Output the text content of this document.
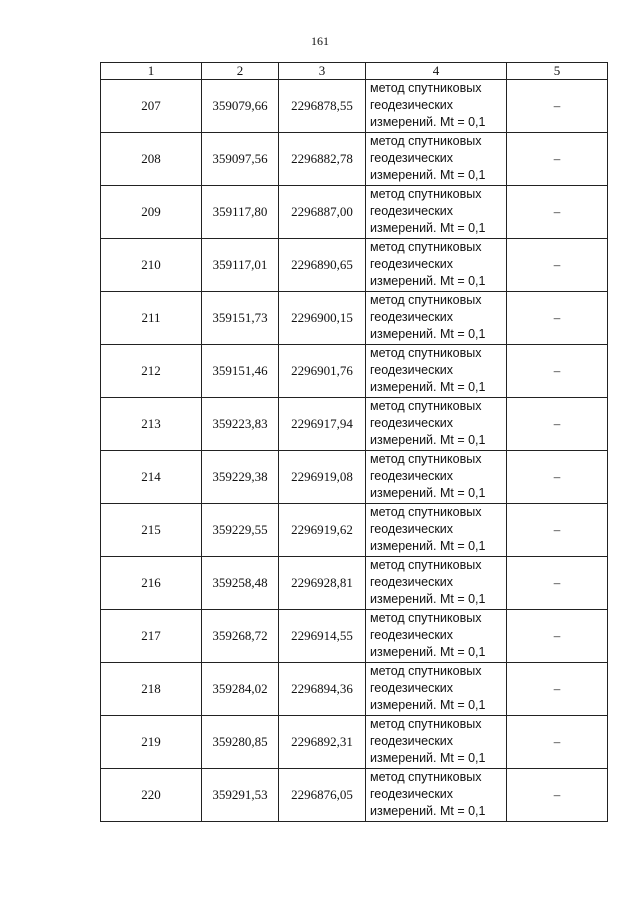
161
1	2	3	4	5
207	359079,66	2296878,55	метод спутниковых
геодезических
измерений. Mt = 0,1	–
208	359097,56	2296882,78	метод спутниковых
геодезических
измерений. Mt = 0,1	–
209	359117,80	2296887,00	метод спутниковых
геодезических
измерений. Mt = 0,1	–
210	359117,01	2296890,65	метод спутниковых
геодезических
измерений. Mt = 0,1	–
211	359151,73	2296900,15	метод спутниковых
геодезических
измерений. Mt = 0,1	–
212	359151,46	2296901,76	метод спутниковых
геодезических
измерений. Mt = 0,1	–
213	359223,83	2296917,94	метод спутниковых
геодезических
измерений. Mt = 0,1	–
214	359229,38	2296919,08	метод спутниковых
геодезических
измерений. Mt = 0,1	–
215	359229,55	2296919,62	метод спутниковых
геодезических
измерений. Mt = 0,1	–
216	359258,48	2296928,81	метод спутниковых
геодезических
измерений. Mt = 0,1	–
217	359268,72	2296914,55	метод спутниковых
геодезических
измерений. Mt = 0,1	–
218	359284,02	2296894,36	метод спутниковых
геодезических
измерений. Mt = 0,1	–
219	359280,85	2296892,31	метод спутниковых
геодезических
измерений. Mt = 0,1	–
220	359291,53	2296876,05	метод спутниковых
геодезических
измерений. Mt = 0,1	–
